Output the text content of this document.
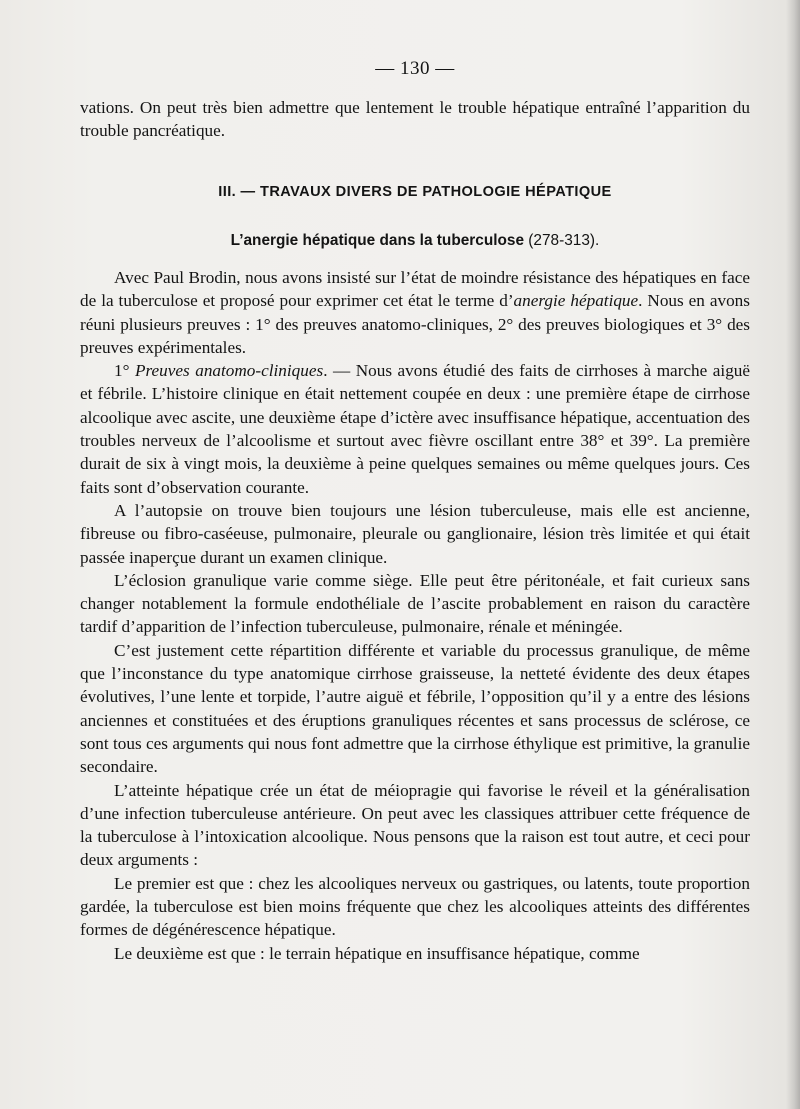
— 130 —

vations. On peut très bien admettre que lentement le trouble hépatique entraîné l’apparition du trouble pancréatique.

III. — TRAVAUX DIVERS DE PATHOLOGIE HÉPATIQUE
L’anergie hépatique dans la tuberculose (278-313).

Avec Paul Brodin, nous avons insisté sur l’état de moindre résistance des hépatiques en face de la tuberculose et proposé pour exprimer cet état le terme d’anergie hépatique. Nous en avons réuni plusieurs preuves : 1° des preuves anatomo-cliniques, 2° des preuves biologiques et 3° des preuves expérimentales.

1° Preuves anatomo-cliniques. — Nous avons étudié des faits de cirrhoses à marche aiguë et fébrile. L’histoire clinique en était nettement coupée en deux : une première étape de cirrhose alcoolique avec ascite, une deuxième étape d’ictère avec insuffisance hépatique, accentuation des troubles nerveux de l’alcoolisme et surtout avec fièvre oscillant entre 38° et 39°. La première durait de six à vingt mois, la deuxième à peine quelques semaines ou même quelques jours. Ces faits sont d’observation courante.

A l’autopsie on trouve bien toujours une lésion tuberculeuse, mais elle est ancienne, fibreuse ou fibro-caséeuse, pulmonaire, pleurale ou ganglionaire, lésion très limitée et qui était passée inaperçue durant un examen clinique.

L’éclosion granulique varie comme siège. Elle peut être péritonéale, et fait curieux sans changer notablement la formule endothéliale de l’ascite probablement en raison du caractère tardif d’apparition de l’infection tuberculeuse, pulmonaire, rénale et méningée.

C’est justement cette répartition différente et variable du processus granulique, de même que l’inconstance du type anatomique cirrhose graisseuse, la netteté évidente des deux étapes évolutives, l’une lente et torpide, l’autre aiguë et fébrile, l’opposition qu’il y a entre des lésions anciennes et constituées et des éruptions granuliques récentes et sans processus de sclérose, ce sont tous ces arguments qui nous font admettre que la cirrhose éthylique est primitive, la granulie secondaire.

L’atteinte hépatique crée un état de méiopragie qui favorise le réveil et la généralisation d’une infection tuberculeuse antérieure. On peut avec les classiques attribuer cette fréquence de la tuberculose à l’intoxication alcoolique. Nous pensons que la raison est tout autre, et ceci pour deux arguments :

Le premier est que : chez les alcooliques nerveux ou gastriques, ou latents, toute proportion gardée, la tuberculose est bien moins fréquente que chez les alcooliques atteints des différentes formes de dégénérescence hépatique.

Le deuxième est que : le terrain hépatique en insuffisance hépatique, comme
